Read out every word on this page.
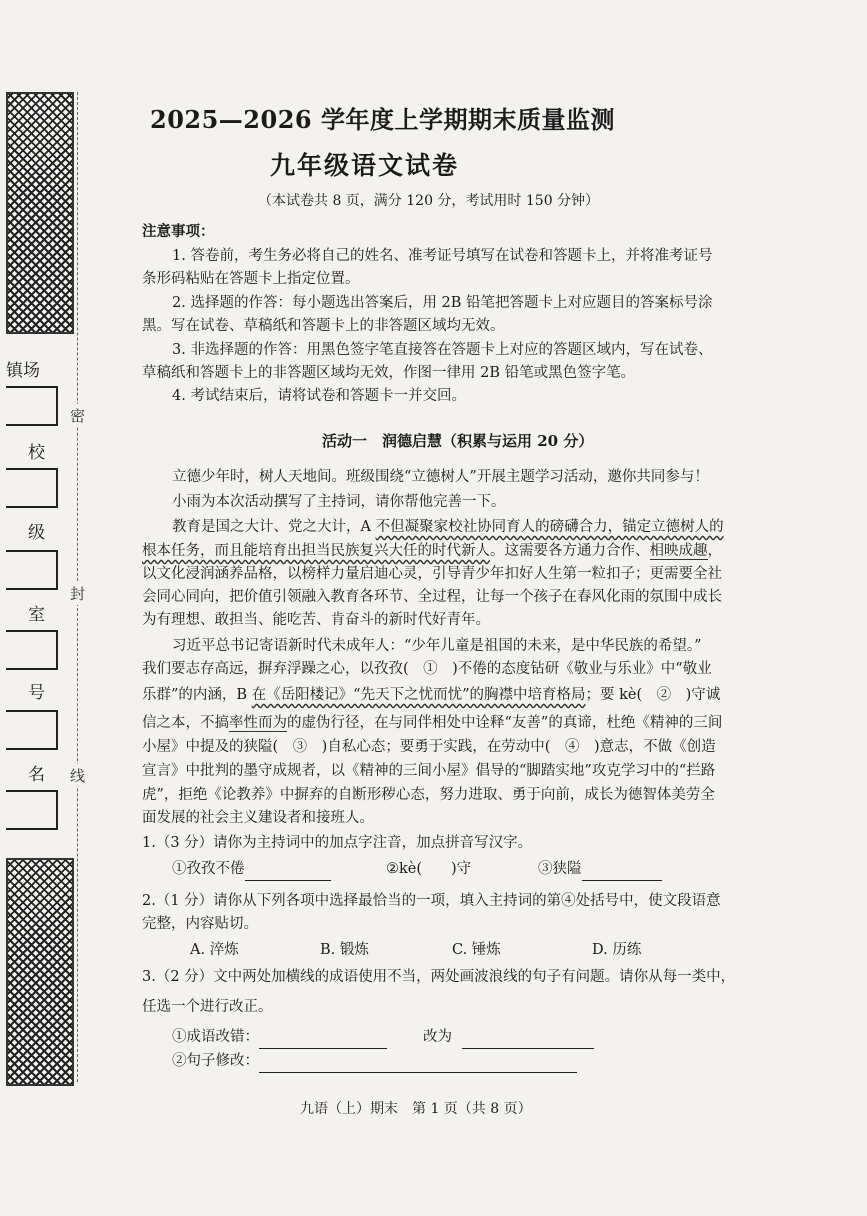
镇场
校
级
室
号
名
密
封
线
2025—2026 学年度上学期期末质量监测
九年级语文试卷
（本试卷共 8 页，满分 120 分，考试用时 150 分钟）
注意事项：
1. 答卷前，考生务必将自己的姓名、准考证号填写在试卷和答题卡上，并将准考证号
条形码粘贴在答题卡上指定位置。
2. 选择题的作答：每小题选出答案后，用 2B 铅笔把答题卡上对应题目的答案标号涂
黑。写在试卷、草稿纸和答题卡上的非答题区域均无效。
3. 非选择题的作答：用黑色签字笔直接答在答题卡上对应的答题区域内，写在试卷、
草稿纸和答题卡上的非答题区域均无效，作图一律用 2B 铅笔或黑色签字笔。
4. 考试结束后，请将试卷和答题卡一并交回。
活动一　润德启慧（积累与运用 20 分）
立德少年时，树人天地间。班级围绕“立德树人”开展主题学习活动，邀你共同参与！
小雨为本次活动撰写了主持词，请你帮他完善一下。
教育是国之大计、党之大计，A 不但凝聚家校社协同育人的磅礴合力，锚定立德树人的
根本任务，而且能培育出担当民族复兴大任的时代新人。这需要各方通力合作、相映成趣，
以文化浸润涵养品格，以榜样力量启迪心灵，引导青少年扣好人生第一粒扣子；更需要全社
会同心同向，把价值引领融入教育各环节、全过程，让每一个孩子在春风化雨的氛围中成长
为有理想、敢担当、能吃苦、肯奋斗的新时代好青年。
习近平总书记寄语新时代未成年人：“少年儿童是祖国的未来，是中华民族的希望。”
我们要志存高远，摒弃浮躁之心，以孜孜(　①　)不倦的态度钻研《敬业与乐业》中“敬业
乐群”的内涵，B 在《岳阳楼记》“先天下之忧而忧”的胸襟中培育格局；要 kè(　②　)守诚
信之本，不搞率性而为的虚伪行径，在与同伴相处中诠释“友善”的真谛，杜绝《精神的三间
小屋》中提及的狭隘(　③　)自私心态；要勇于实践，在劳动中(　④　)意志，不做《创造
宣言》中批判的墨守成规者，以《精神的三间小屋》倡导的“脚踏实地”攻克学习中的“拦路
虎”，拒绝《论教养》中摒弃的自断形秽心态，努力进取、勇于向前，成长为德智体美劳全
面发展的社会主义建设者和接班人。
1.（3 分）请你为主持词中的加点字注音，加点拼音写汉字。
①孜孜不倦	②kè(　　)守	③狭隘
2.（1 分）请你从下列各项中选择最恰当的一项，填入主持词的第④处括号中，使文段语意
完整，内容贴切。
A. 淬炼	B. 锻炼	C. 锤炼	D. 历练
3.（2 分）文中两处加横线的成语使用不当，两处画波浪线的句子有问题。请你从每一类中，
任选一个进行改正。
①成语改错：	改为
②句子修改：
九语（上）期末　第 1 页（共 8 页）
